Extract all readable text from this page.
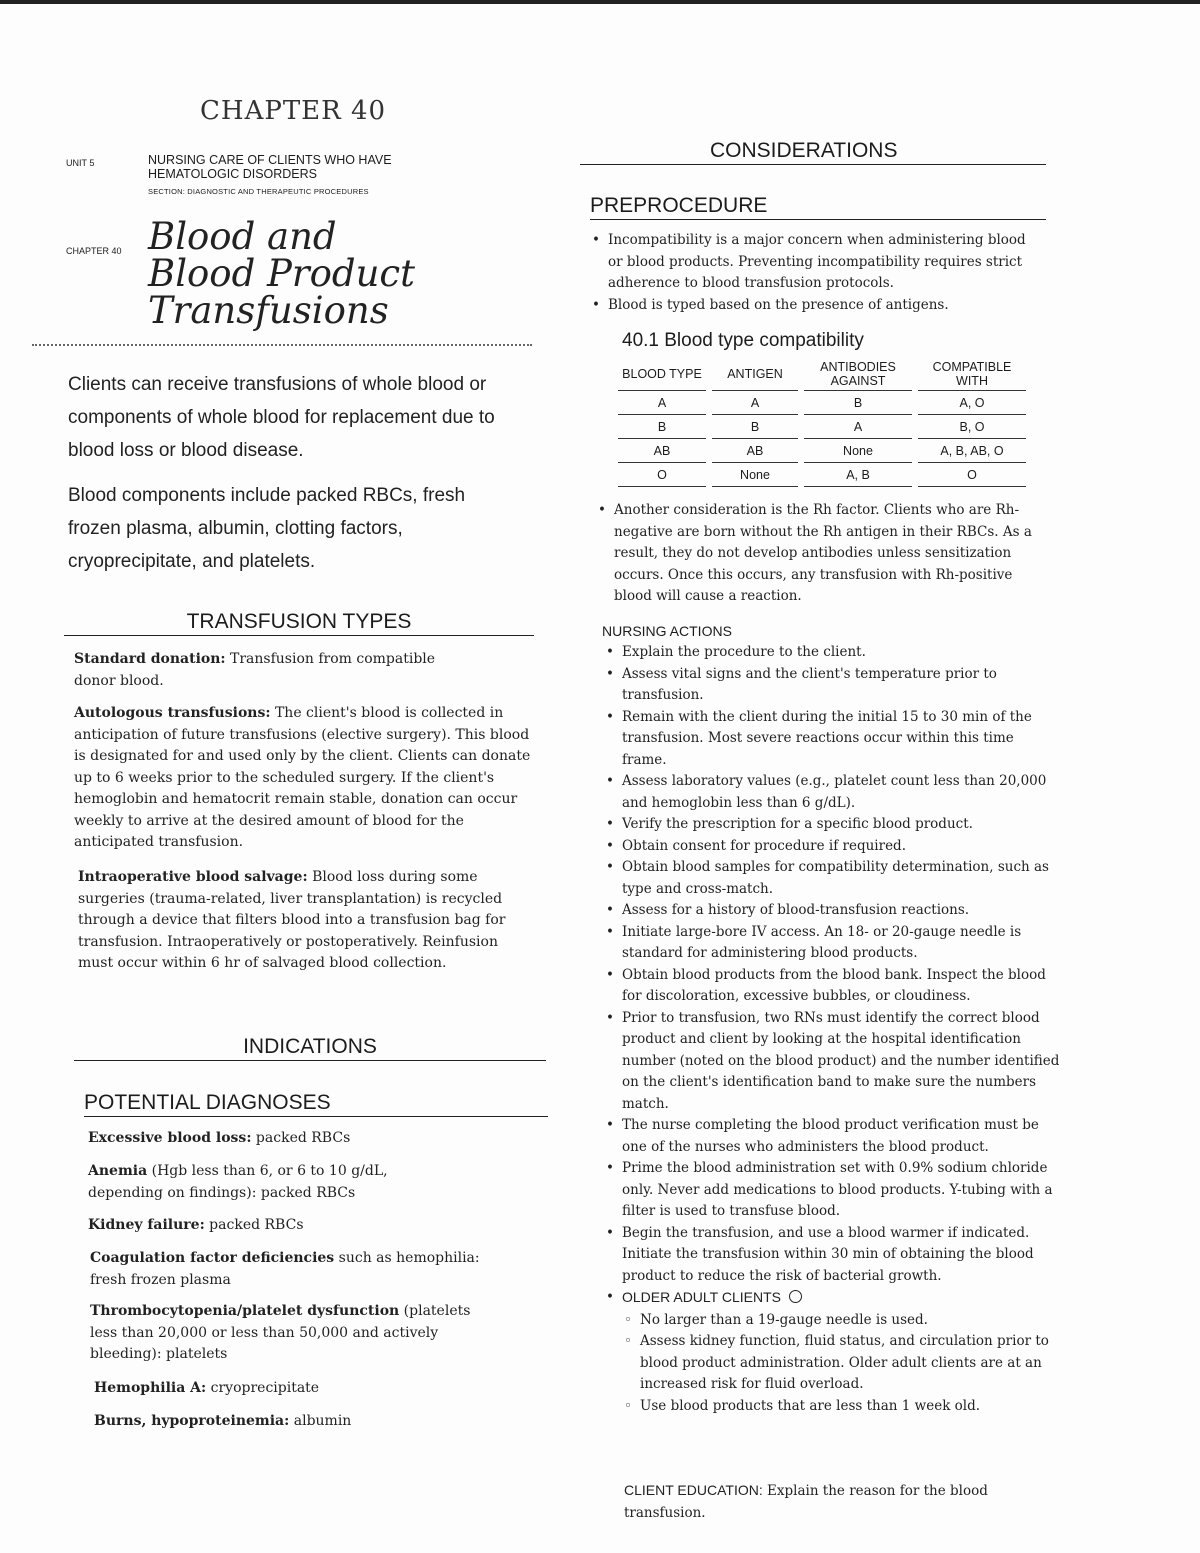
CHAPTER 40
UNIT 5	NURSING CARE OF CLIENTS WHO HAVE HEMATOLOGIC DISORDERS
SECTION: DIAGNOSTIC AND THERAPEUTIC PROCEDURES
CHAPTER 40 Blood and
Blood Product
Transfusions
Clients can receive transfusions of whole blood or components of whole blood for replacement due to blood loss or blood disease.
Blood components include packed RBCs, fresh frozen plasma, albumin, clotting factors, cryoprecipitate, and platelets.
TRANSFUSION TYPES
Standard donation: Transfusion from compatible donor blood.
Autologous transfusions: The client's blood is collected in anticipation of future transfusions (elective surgery). This blood is designated for and used only by the client. Clients can donate up to 6 weeks prior to the scheduled surgery. If the client's hemoglobin and hematocrit remain stable, donation can occur weekly to arrive at the desired amount of blood for the anticipated transfusion.
Intraoperative blood salvage: Blood loss during some surgeries (trauma-related, liver transplantation) is recycled through a device that filters blood into a transfusion bag for transfusion. Intraoperatively or postoperatively. Reinfusion must occur within 6 hr of salvaged blood collection.
INDICATIONS
POTENTIAL DIAGNOSES
Excessive blood loss: packed RBCs
Anemia (Hgb less than 6, or 6 to 10 g/dL, depending on findings): packed RBCs
Kidney failure: packed RBCs
Coagulation factor deficiencies such as hemophilia: fresh frozen plasma
Thrombocytopenia/platelet dysfunction (platelets less than 20,000 or less than 50,000 and actively bleeding): platelets
Hemophilia A: cryoprecipitate
Burns, hypoproteinemia: albumin
CONSIDERATIONS
PREPROCEDURE
• Incompatibility is a major concern when administering blood or blood products. Preventing incompatibility requires strict adherence to blood transfusion protocols.
• Blood is typed based on the presence of antigens.
40.1 Blood type compatibility
BLOOD TYPE		ANTIGEN		ANTIBODIES AGAINST		COMPATIBLE WITH
A		A		B		A, O
B		B		A		B, O
AB		AB		None		A, B, AB, O
O		None		A, B		O
• Another consideration is the Rh factor. Clients who are Rh-negative are born without the Rh antigen in their RBCs. As a result, they do not develop antibodies unless sensitization occurs. Once this occurs, any transfusion with Rh-positive blood will cause a reaction.
NURSING ACTIONS
• Explain the procedure to the client.
• Assess vital signs and the client's temperature prior to transfusion.
• Remain with the client during the initial 15 to 30 min of the transfusion. Most severe reactions occur within this time frame.
• Assess laboratory values (e.g., platelet count less than 20,000 and hemoglobin less than 6 g/dL).
• Verify the prescription for a specific blood product.
• Obtain consent for procedure if required.
• Obtain blood samples for compatibility determination, such as type and cross-match.
• Assess for a history of blood-transfusion reactions.
• Initiate large-bore IV access. An 18- or 20-gauge needle is standard for administering blood products.
• Obtain blood products from the blood bank. Inspect the blood for discoloration, excessive bubbles, or cloudiness.
• Prior to transfusion, two RNs must identify the correct blood product and client by looking at the hospital identification number (noted on the blood product) and the number identified on the client's identification band to make sure the numbers match.
• The nurse completing the blood product verification must be one of the nurses who administers the blood product.
• Prime the blood administration set with 0.9% sodium chloride only. Never add medications to blood products. Y-tubing with a filter is used to transfuse blood.
• Begin the transfusion, and use a blood warmer if indicated. Initiate the transfusion within 30 min of obtaining the blood product to reduce the risk of bacterial growth.
• OLDER ADULT CLIENTS
◦ No larger than a 19-gauge needle is used.
◦ Assess kidney function, fluid status, and circulation prior to blood product administration. Older adult clients are at an increased risk for fluid overload.
◦ Use blood products that are less than 1 week old.
CLIENT EDUCATION: Explain the reason for the blood transfusion.
